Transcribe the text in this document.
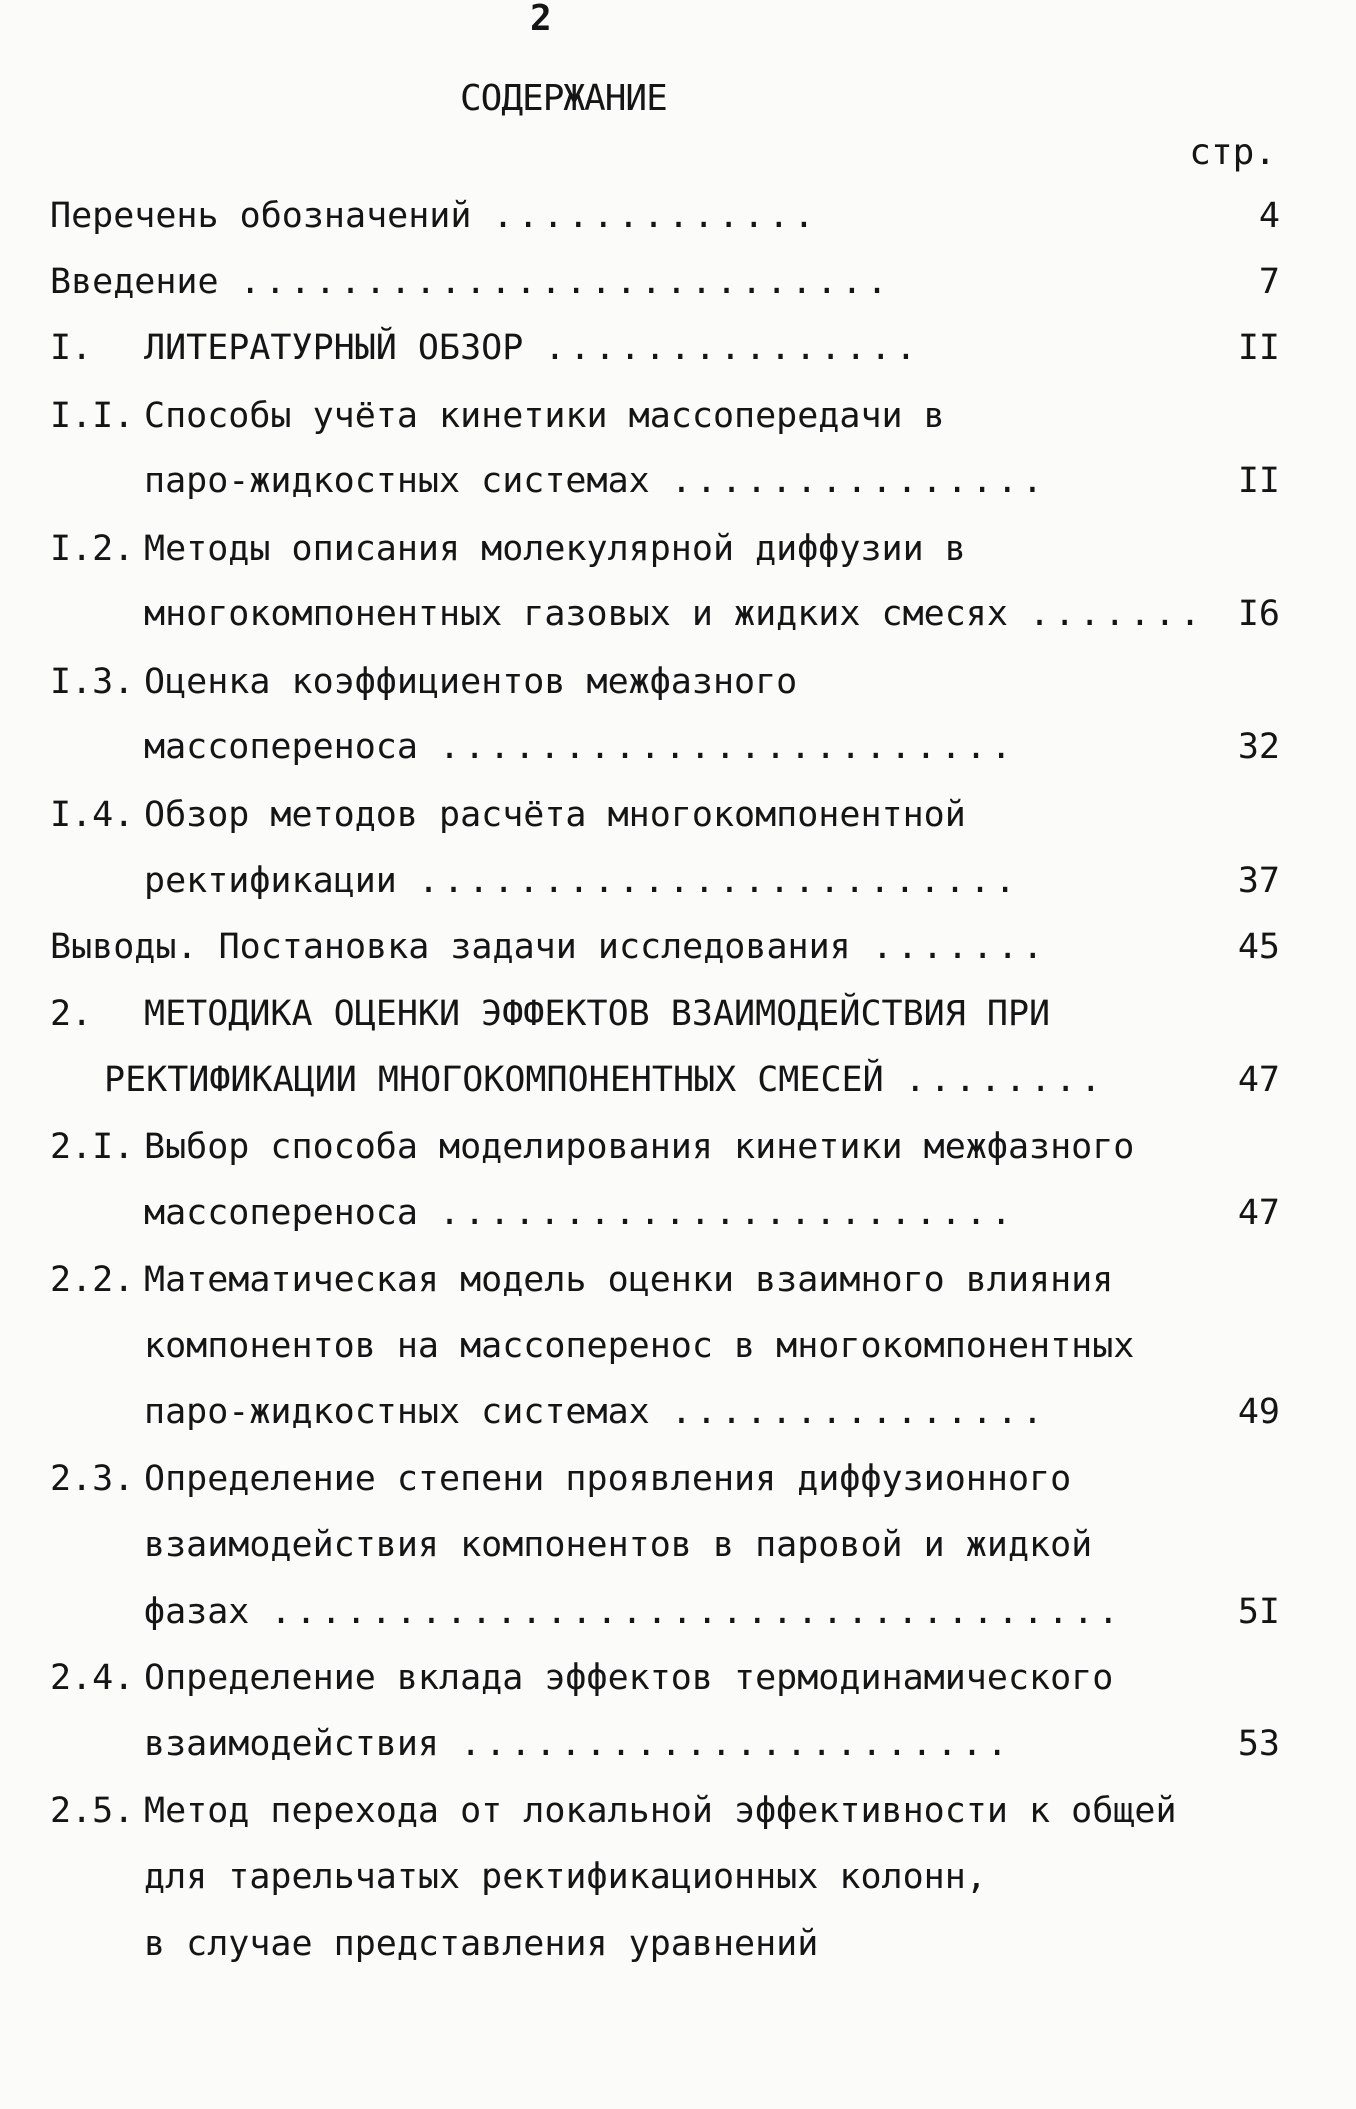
2
СОДЕРЖАНИЕ
стр.
Перечень обозначений .............	4
Введение ..........................	7
I. ЛИТЕРАТУРНЫЙ ОБЗОР ...............	II
I.I. Способы учёта кинетики массопередачи в
паро-жидкостных системах ...............	II
I.2. Методы описания молекулярной диффузии в
многокомпонентных газовых и жидких смесях ....... I6
I.3. Оценка коэффициентов межфазного
массопереноса .......................	32
I.4. Обзор методов расчёта многокомпонентной
ректификации ........................	37
Выводы. Постановка задачи исследования .......	45
2. МЕТОДИКА ОЦЕНКИ ЭФФЕКТОВ ВЗАИМОДЕЙСТВИЯ ПРИ
РЕКТИФИКАЦИИ МНОГОКОМПОНЕНТНЫХ СМЕСЕЙ ........	47
2.I. Выбор способа моделирования кинетики межфазного
массопереноса .......................	47
2.2. Математическая модель оценки взаимного влияния
компонентов на массоперенос в многокомпонентных
паро-жидкостных системах ...............	49
2.3. Определение степени проявления диффузионного
взаимодействия компонентов в паровой и жидкой
фазах ..................................	5I
2.4. Определение вклада эффектов термодинамического
взаимодействия ......................	53
2.5. Метод перехода от локальной эффективности к общей
для тарельчатых ректификационных колонн,
в случае представления уравнений
